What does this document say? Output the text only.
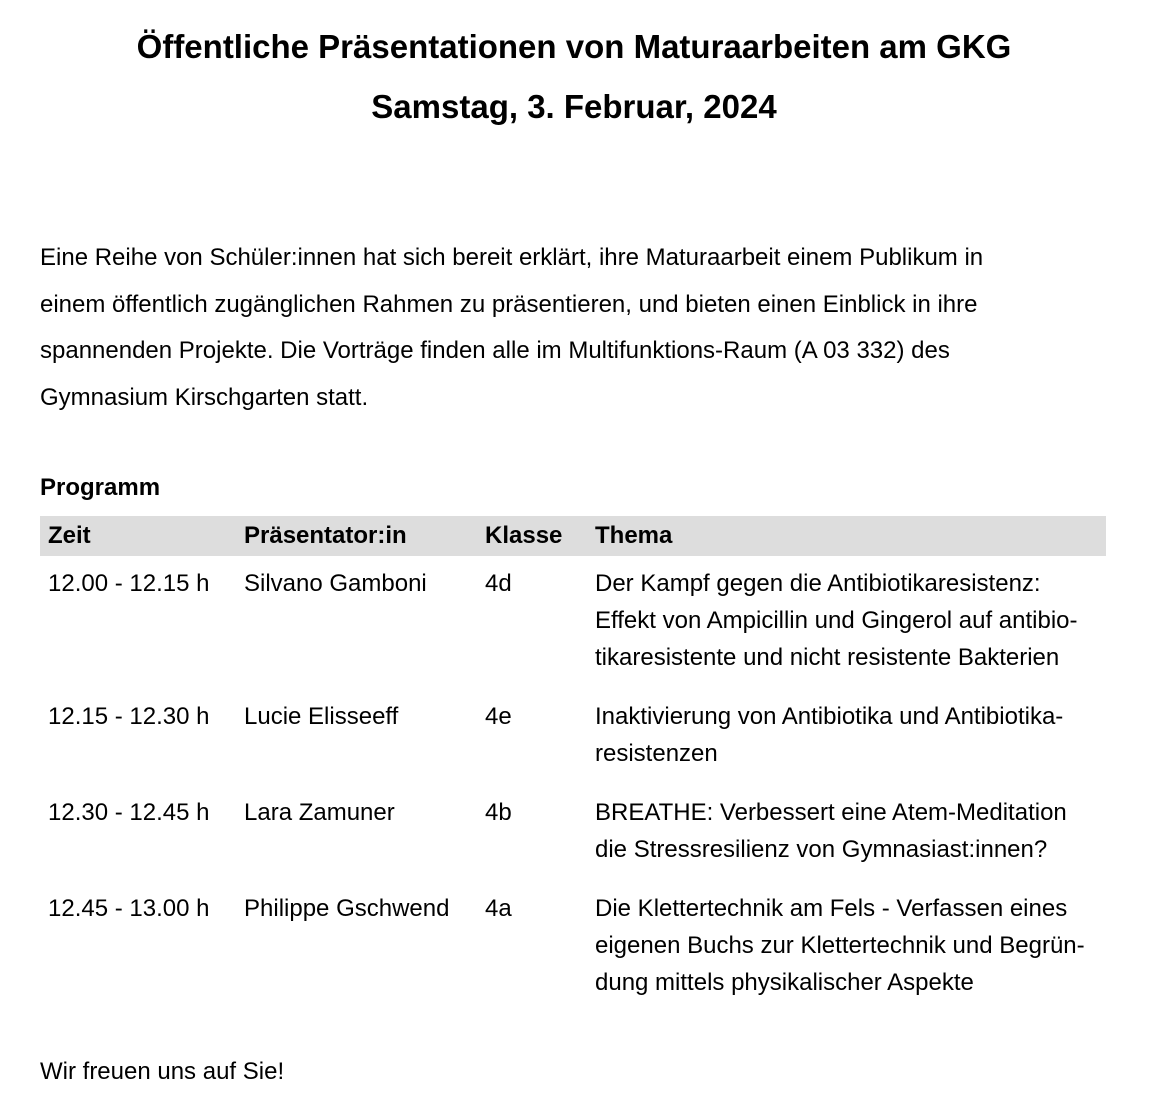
Öffentliche Präsentationen von Maturaarbeiten am GKG
Samstag, 3. Februar, 2024

Eine Reihe von Schüler:innen hat sich bereit erklärt, ihre Maturaarbeit einem Publikum in
einem öffentlich zugänglichen Rahmen zu präsentieren, und bieten einen Einblick in ihre
spannenden Projekte. Die Vorträge finden alle im Multifunktions-Raum (A 03 332) des
Gymnasium Kirschgarten statt.

Programm
Zeit	Präsentator:in	Klasse	Thema
12.00 - 12.15 h	Silvano Gamboni	4d	Der Kampf gegen die Antibiotikaresistenz:
Effekt von Ampicillin und Gingerol auf antibio-
tikaresistente und nicht resistente Bakterien

12.15 - 12.30 h	Lucie Elisseeff	4e	Inaktivierung von Antibiotika und Antibiotika-
resistenzen

12.30 - 12.45 h	Lara Zamuner	4b	BREATHE: Verbessert eine Atem-Meditation
die Stressresilienz von Gymnasiast:innen?

12.45 - 13.00 h	Philippe Gschwend	4a	Die Klettertechnik am Fels - Verfassen eines
eigenen Buchs zur Klettertechnik und Begrün-
dung mittels physikalischer Aspekte

Wir freuen uns auf Sie!
